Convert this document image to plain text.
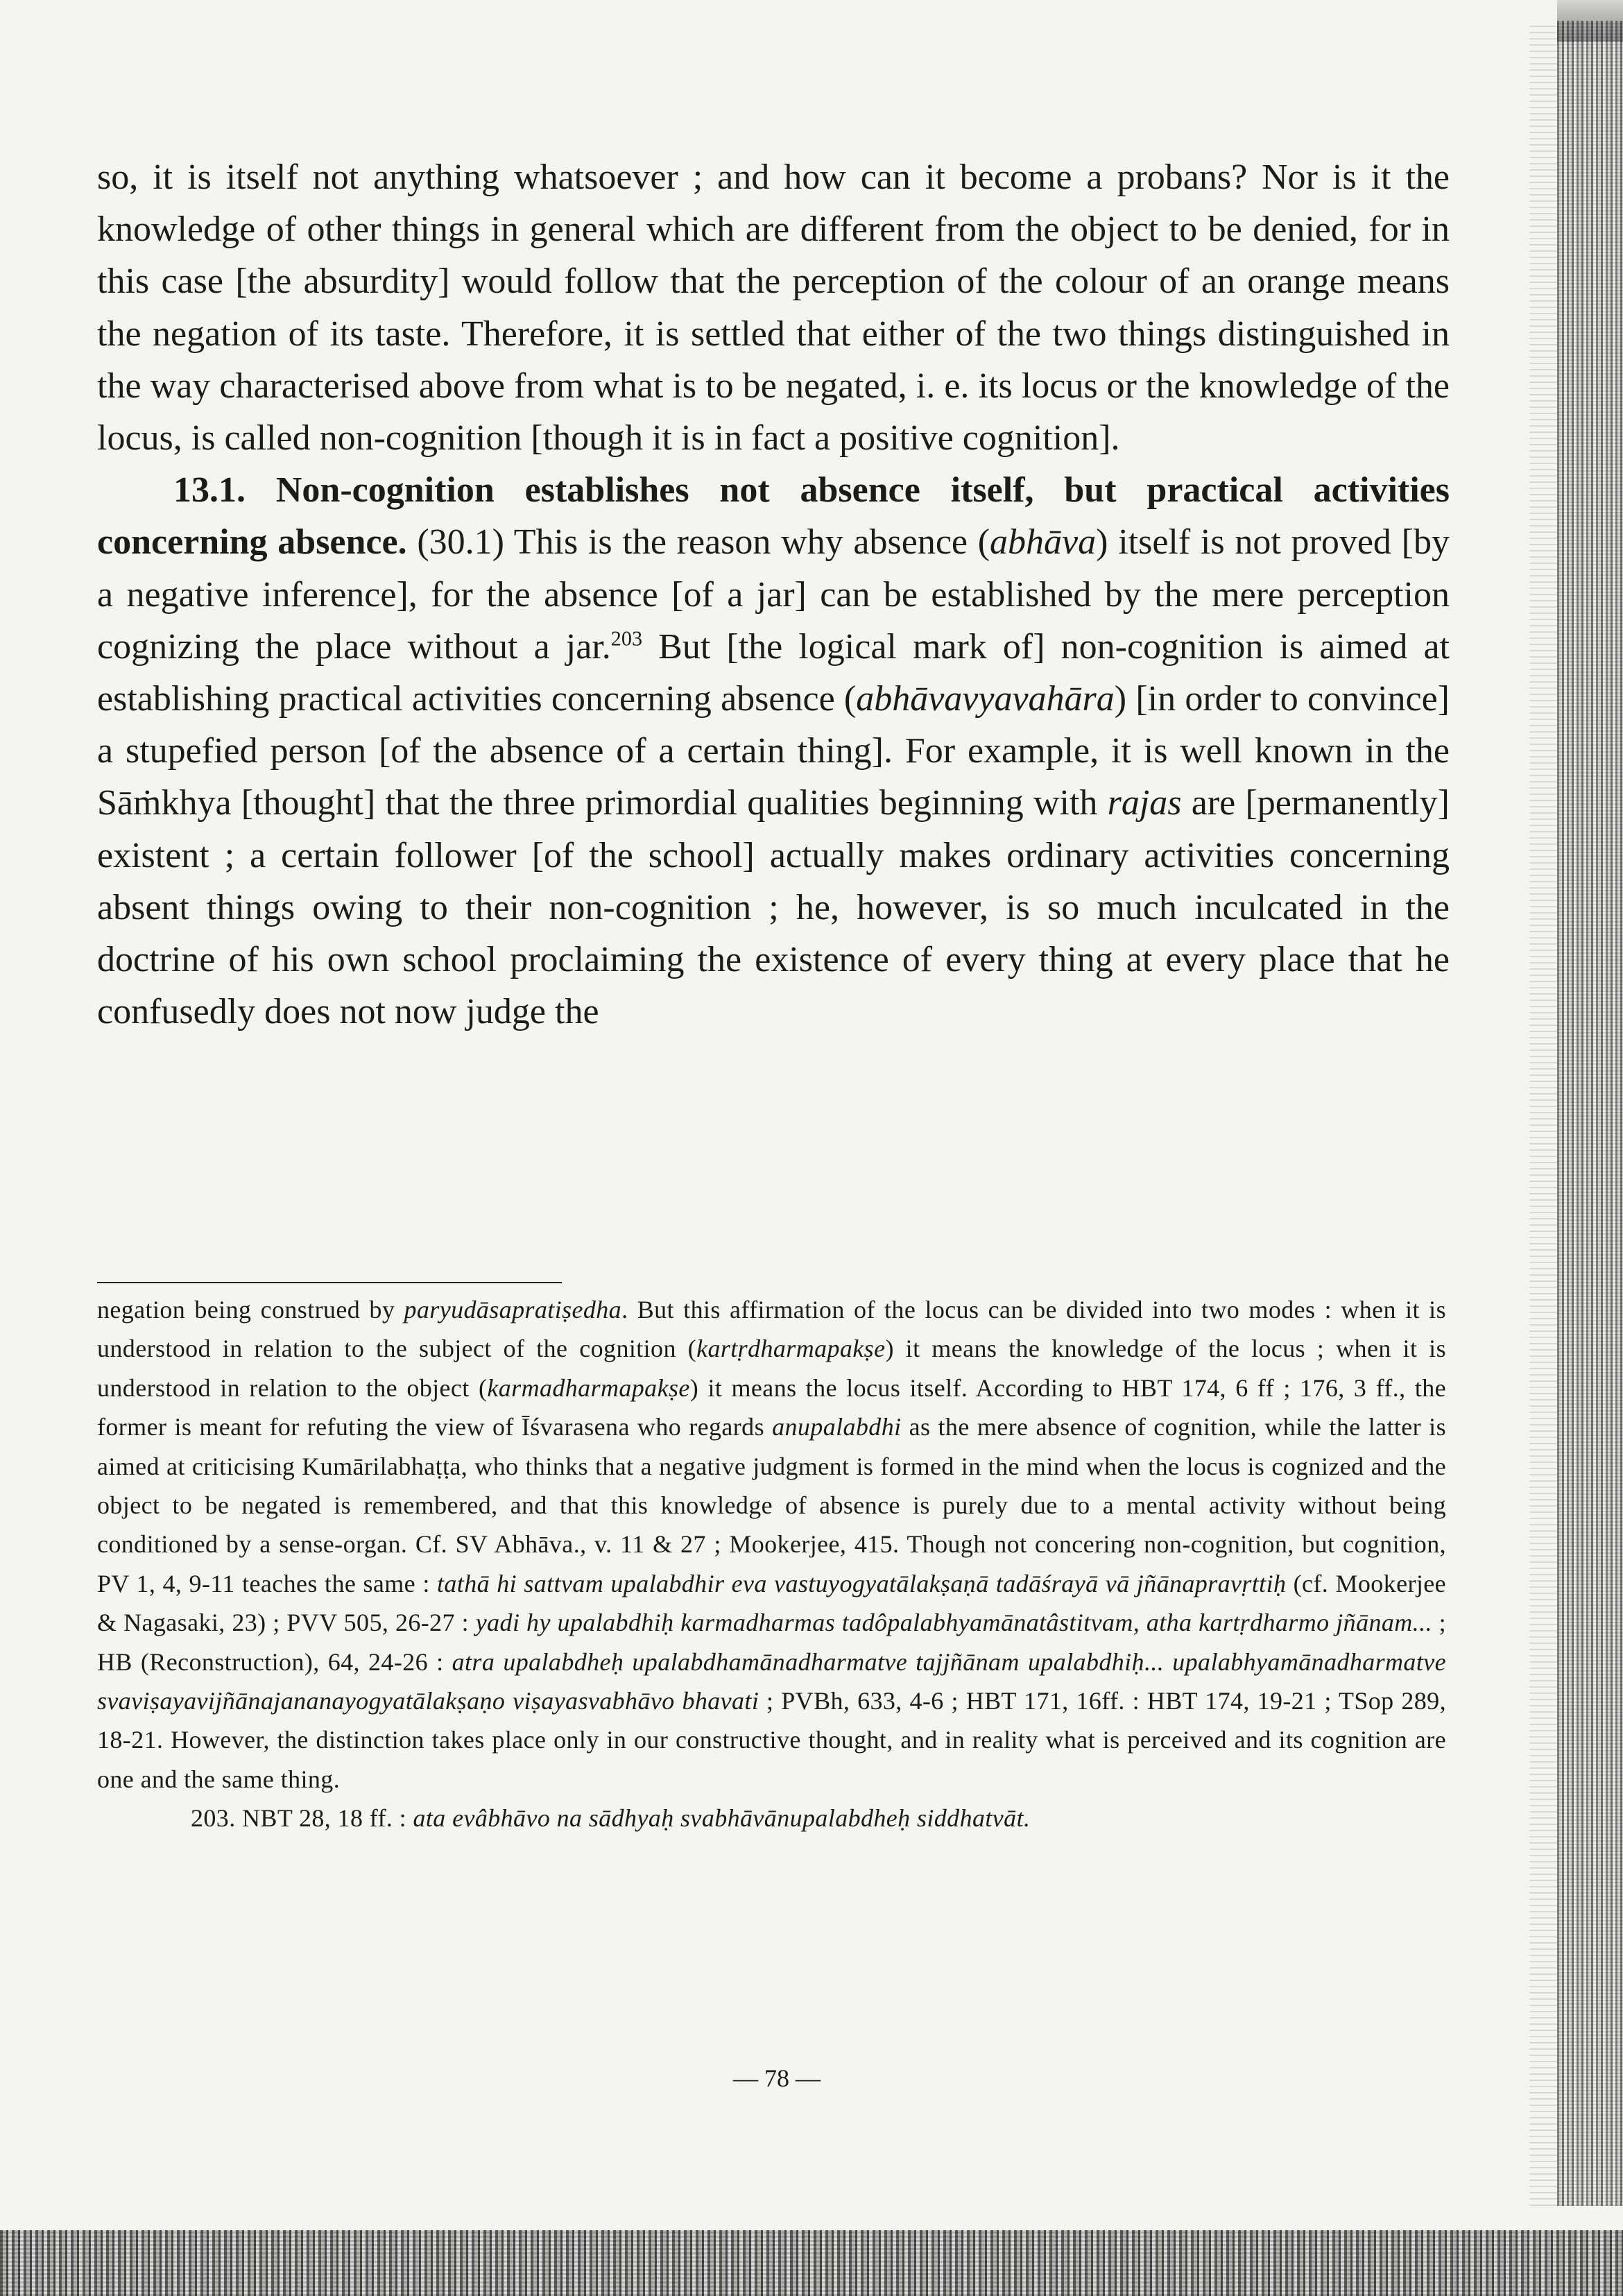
so, it is itself not anything whatsoever ; and how can it become a probans? Nor is it the knowledge of other things in general which are different from the object to be denied, for in this case [the absurdity] would follow that the perception of the colour of an orange means the negation of its taste. Therefore, it is settled that either of the two things distinguished in the way characterised above from what is to be negated, i. e. its locus or the knowledge of the locus, is called non-cognition [though it is in fact a positive cognition].

13.1. Non-cognition establishes not absence itself, but practical activities concerning absence. (30.1) This is the reason why absence (abhāva) itself is not proved [by a negative inference], for the absence [of a jar] can be established by the mere perception cognizing the place without a jar.$^{203}$ But [the logical mark of] non-cognition is aimed at establishing practical activities concerning absence (abhāvavyavahāra) [in order to convince] a stupefied person [of the absence of a certain thing]. For example, it is well known in the Sāṁkhya [thought] that the three primordial qualities beginning with rajas are [permanently] existent ; a certain follower [of the school] actually makes ordinary activities concerning absent things owing to their non-cognition ; he, however, is so much inculcated in the doctrine of his own school proclaiming the existence of every thing at every place that he confusedly does not now judge the

negation being construed by paryudāsapratiṣedha. But this affirmation of the locus can be divided into two modes : when it is understood in relation to the subject of the cognition (kartṛdharmapakṣe) it means the knowledge of the locus ; when it is understood in relation to the object (karmadharmapakṣe) it means the locus itself. According to HBT 174, 6 ff ; 176, 3 ff., the former is meant for refuting the view of Īśvarasena who regards anupalabdhi as the mere absence of cognition, while the latter is aimed at criticising Kumārilabhaṭṭa, who thinks that a negative judgment is formed in the mind when the locus is cognized and the object to be negated is remembered, and that this knowledge of absence is purely due to a mental activity without being conditioned by a sense-organ. Cf. SV Abhāva., v. 11 & 27 ; Mookerjee, 415. Though not concering non-cognition, but cognition, PV 1, 4, 9-11 teaches the same : tathā hi sattvam upalabdhir eva vastuyogyatālakṣaṇā tadāśrayā vā jñānapravṛttiḥ (cf. Mookerjee & Nagasaki, 23) ; PVV 505, 26-27 : yadi hy upalabdhiḥ karmadharmas tadôpalabhyamānatâstitvam, atha kartṛdharmo jñānam... ; HB (Reconstruction), 64, 24-26 : atra upalabdheḥ upalabdhamānadharmatve tajjñānam upalabdhiḥ... upalabhyamānadharmatve svaviṣayavijñānajananayogyatālakṣaṇo viṣayasvabhāvo bhavati ; PVBh, 633, 4-6 ; HBT 171, 16ff. : HBT 174, 19-21 ; TSop 289, 18-21. However, the distinction takes place only in our constructive thought, and in reality what is perceived and its cognition are one and the same thing.

203. NBT 28, 18 ff. : ata evâbhāvo na sādhyaḥ svabhāvānupalabdheḥ siddhatvāt.

— 78 —
